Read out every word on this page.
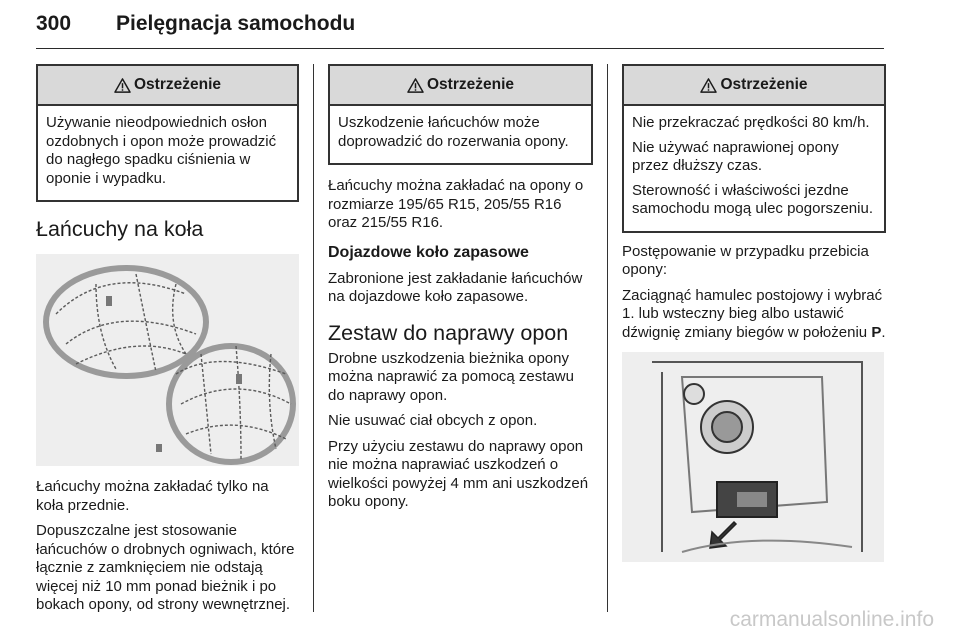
300 Pielęgnacja samochodu
Ostrzeżenie

Używanie nieodpowiednich osłon ozdobnych i opon może prowadzić do nagłego spadku ciśnienia w oponie i wypadku.

Łańcuchy na koła

Łańcuchy można zakładać tylko na koła przednie.

Dopuszczalne jest stosowanie łańcuchów o drobnych ogniwach, które łącznie z zamknięciem nie odstają więcej niż 10 mm ponad bieżnik i po bokach opony, od strony wewnętrznej.

Ostrzeżenie

Uszkodzenie łańcuchów może doprowadzić do rozerwania opony.

Łańcuchy można zakładać na opony o rozmiarze 195/65 R15, 205/55 R16 oraz 215/55 R16.

Dojazdowe koło zapasowe

Zabronione jest zakładanie łańcuchów na dojazdowe koło zapasowe.

Zestaw do naprawy opon

Drobne uszkodzenia bieżnika opony można naprawić za pomocą zestawu do naprawy opon.

Nie usuwać ciał obcych z opon.

Przy użyciu zestawu do naprawy opon nie można naprawiać uszkodzeń o wielkości powyżej 4 mm ani uszkodzeń boku opony.

Ostrzeżenie

Nie przekraczać prędkości 80 km/h.

Nie używać naprawionej opony przez dłuższy czas.

Sterowność i właściwości jezdne samochodu mogą ulec pogorszeniu.

Postępowanie w przypadku przebicia opony:

Zaciągnąć hamulec postojowy i wybrać 1. lub wsteczny bieg albo ustawić dźwignię zmiany biegów w położeniu P.

carmanualsonline.info
